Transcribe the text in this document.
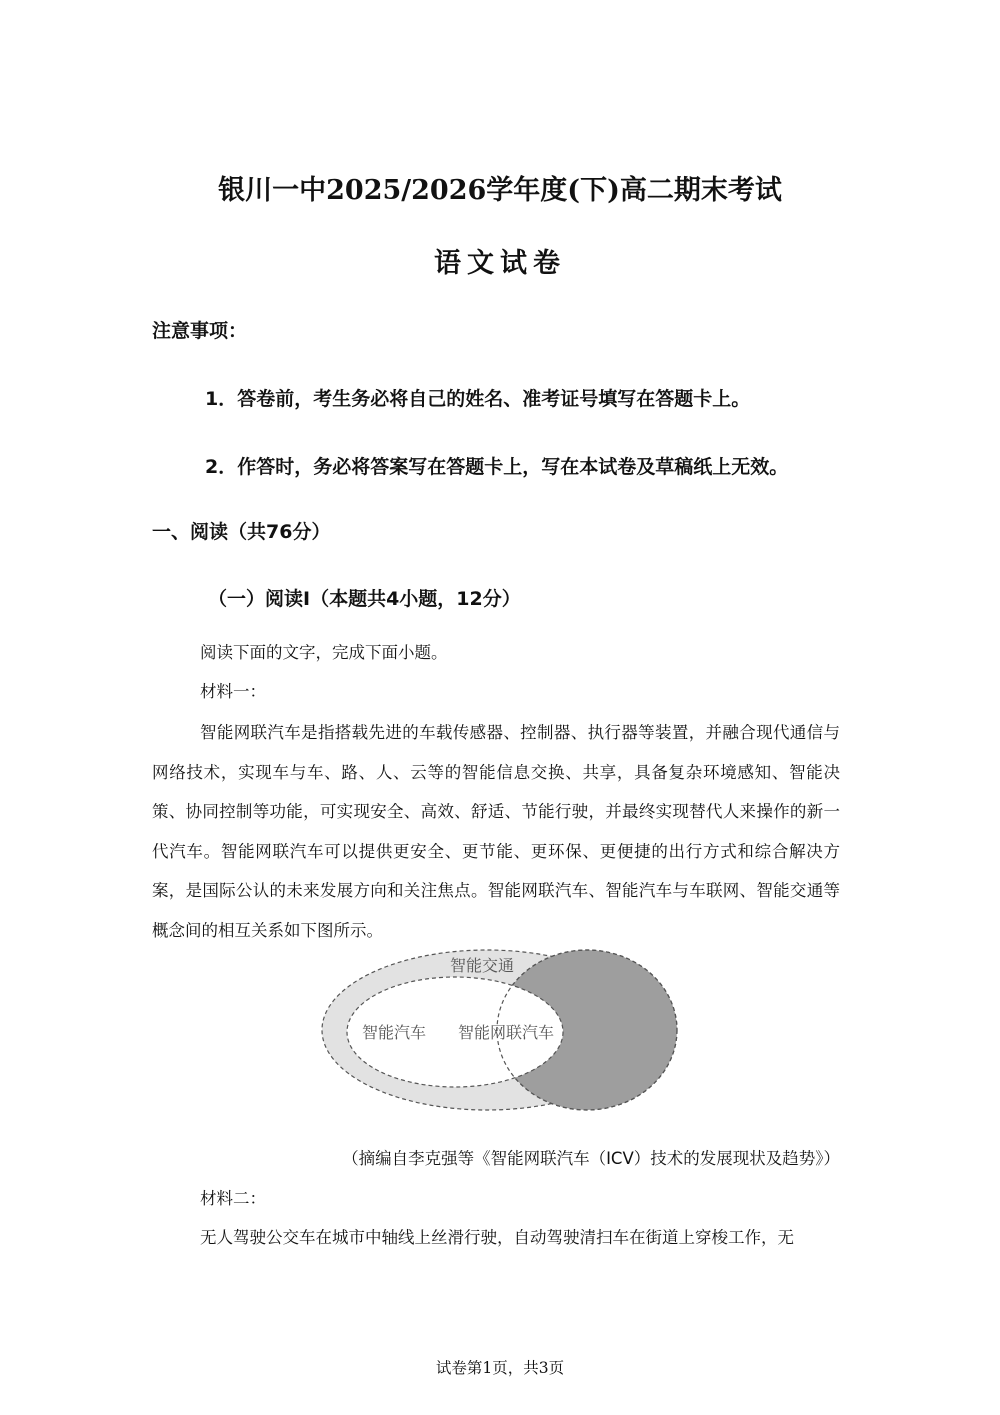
银川一中2025/2026学年度(下)高二期末考试
语文试卷
注意事项：
1．答卷前，考生务必将自己的姓名、准考证号填写在答题卡上。
2．作答时，务必将答案写在答题卡上，写在本试卷及草稿纸上无效。
一、阅读（共76分）
（一）阅读Ⅰ（本题共4小题，12分）
阅读下面的文字，完成下面小题。
材料一：
智能网联汽车是指搭载先进的车载传感器、控制器、执行器等装置，并融合现代通信与网络技术，实现车与车、路、人、云等的智能信息交换、共享，具备复杂环境感知、智能决策、协同控制等功能，可实现安全、高效、舒适、节能行驶，并最终实现替代人来操作的新一代汽车。智能网联汽车可以提供更安全、更节能、更环保、更便捷的出行方式和综合解决方案，是国际公认的未来发展方向和关注焦点。智能网联汽车、智能汽车与车联网、智能交通等概念间的相互关系如下图所示。
智能交通
智能汽车 智能网联汽车
（摘编自李克强等《智能网联汽车（ICV）技术的发展现状及趋势》）
材料二：
无人驾驶公交车在城市中轴线上丝滑行驶，自动驾驶清扫车在街道上穿梭工作，无
试卷第1页，共3页
